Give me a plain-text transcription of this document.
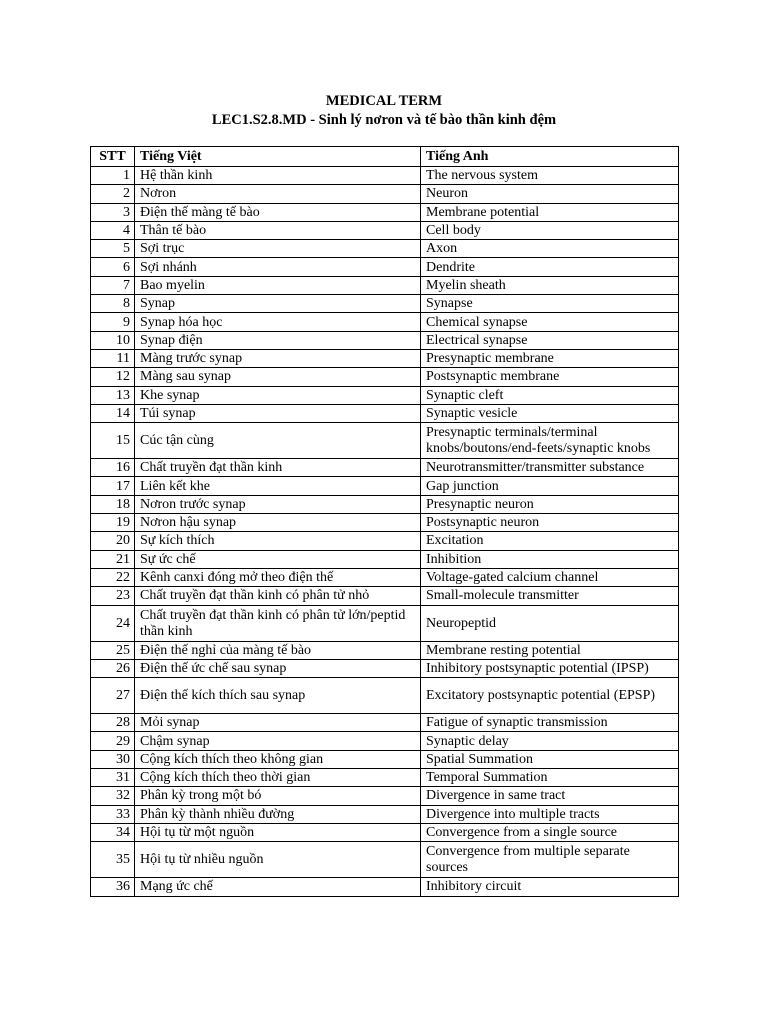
MEDICAL TERM
LEC1.S2.8.MD - Sinh lý nơron và tế bào thần kinh đệm
STT	Tiếng Việt	Tiếng Anh
1	Hệ thần kinh	The nervous system
2	Nơron	Neuron
3	Điện thế màng tế bào	Membrane potential
4	Thân tế bào	Cell body
5	Sợi trục	Axon
6	Sợi nhánh	Dendrite
7	Bao myelin	Myelin sheath
8	Synap	Synapse
9	Synap hóa học	Chemical synapse
10	Synap điện	Electrical synapse
11	Màng trước synap	Presynaptic membrane
12	Màng sau synap	Postsynaptic membrane
13	Khe synap	Synaptic cleft
14	Túi synap	Synaptic vesicle
15	Cúc tận cùng	Presynaptic terminals/terminal knobs/boutons/end-feets/synaptic knobs
16	Chất truyền đạt thần kinh	Neurotransmitter/transmitter substance
17	Liên kết khe	Gap junction
18	Nơron trước synap	Presynaptic neuron
19	Nơron hậu synap	Postsynaptic neuron
20	Sự kích thích	Excitation
21	Sự ức chế	Inhibition
22	Kênh canxi đóng mở theo điện thế	Voltage-gated calcium channel
23	Chất truyền đạt thần kinh có phân tử nhỏ	Small-molecule transmitter
24	Chất truyền đạt thần kinh có phân tử lớn/peptid thần kinh	Neuropeptid
25	Điện thế nghỉ của màng tế bào	Membrane resting potential
26	Điện thế ức chế sau synap	Inhibitory postsynaptic potential (IPSP)
27	Điện thế kích thích sau synap	Excitatory postsynaptic potential (EPSP)
28	Mỏi synap	Fatigue of synaptic transmission
29	Chậm synap	Synaptic delay
30	Cộng kích thích theo không gian	Spatial Summation
31	Cộng kích thích theo thời gian	Temporal Summation
32	Phân kỳ trong một bó	Divergence in same tract
33	Phân kỳ thành nhiều đường	Divergence into multiple tracts
34	Hội tụ từ một nguồn	Convergence from a single source
35	Hội tụ từ nhiều nguồn	Convergence from multiple separate sources
36	Mạng ức chế	Inhibitory circuit
